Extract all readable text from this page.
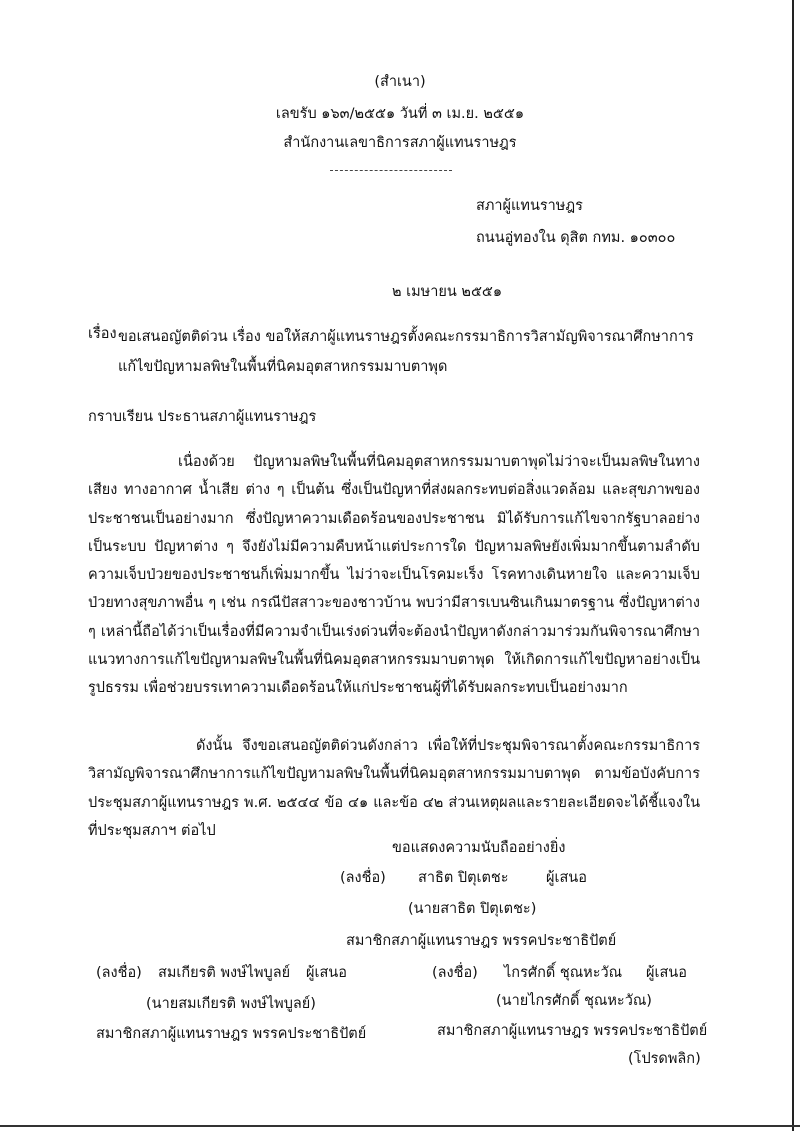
(สำเนา)
เลขรับ ๑๖๓/๒๕๕๑ วันที่ ๓ เม.ย. ๒๕๕๑
สำนักงานเลขาธิการสภาผู้แทนราษฎร
สภาผู้แทนราษฎร
ถนนอู่ทองใน ดุสิต กทม. ๑๐๓๐๐
๒ เมษายน ๒๕๕๑
เรื่อง ขอเสนอญัตติด่วน เรื่อง ขอให้สภาผู้แทนราษฎรตั้งคณะกรรมาธิการวิสามัญพิจารณาศึกษาการแก้ไขปัญหามลพิษในพื้นที่นิคมอุตสาหกรรมมาบตาพุด
กราบเรียน ประธานสภาผู้แทนราษฎร
เนื่องด้วย ปัญหามลพิษในพื้นที่นิคมอุตสาหกรรมมาบตาพุดไม่ว่าจะเป็นมลพิษในทางเสียง ทางอากาศ น้ำเสีย ต่าง ๆ เป็นต้น ซึ่งเป็นปัญหาที่ส่งผลกระทบต่อสิ่งแวดล้อม และสุขภาพของประชาชนเป็นอย่างมาก ซึ่งปัญหาความเดือดร้อนของประชาชน มิได้รับการแก้ไขจากรัฐบาลอย่างเป็นระบบ ปัญหาต่าง ๆ จึงยังไม่มีความคืบหน้าแต่ประการใด ปัญหามลพิษยังเพิ่มมากขึ้นตามลำดับ ความเจ็บป่วยของประชาชนก็เพิ่มมากขึ้น ไม่ว่าจะเป็นโรคมะเร็ง โรคทางเดินหายใจ และความเจ็บป่วยทางสุขภาพอื่น ๆ เช่น กรณีปัสสาวะของชาวบ้าน พบว่ามีสารเบนซินเกินมาตรฐาน ซึ่งปัญหาต่าง ๆ เหล่านี้ถือได้ว่าเป็นเรื่องที่มีความจำเป็นเร่งด่วนที่จะต้องนำปัญหาดังกล่าวมาร่วมกันพิจารณาศึกษาแนวทางการแก้ไขปัญหามลพิษในพื้นที่นิคมอุตสาหกรรมมาบตาพุด ให้เกิดการแก้ไขปัญหาอย่างเป็นรูปธรรม เพื่อช่วยบรรเทาความเดือดร้อนให้แก่ประชาชนผู้ที่ได้รับผลกระทบเป็นอย่างมาก
ดังนั้น จึงขอเสนอญัตติด่วนดังกล่าว เพื่อให้ที่ประชุมพิจารณาตั้งคณะกรรมาธิการวิสามัญพิจารณาศึกษาการแก้ไขปัญหามลพิษในพื้นที่นิคมอุตสาหกรรมมาบตาพุด ตามข้อบังคับการประชุมสภาผู้แทนราษฎร พ.ศ. ๒๕๔๔ ข้อ ๔๑ และข้อ ๔๒ ส่วนเหตุผลและรายละเอียดจะได้ชี้แจงในที่ประชุมสภาฯ ต่อไป
ขอแสดงความนับถืออย่างยิ่ง
(ลงชื่อ) สาธิต ปิตุเตชะ	ผู้เสนอ
(นายสาธิต ปิตุเตชะ)
สมาชิกสภาผู้แทนราษฎร พรรคประชาธิปัตย์
(ลงชื่อ) สมเกียรติ พงษ์ไพบูลย์ ผู้เสนอ
(นายสมเกียรติ พงษ์ไพบูลย์)
สมาชิกสภาผู้แทนราษฎร พรรคประชาธิปัตย์
(ลงชื่อ) ไกรศักดิ์ ชุณหะวัณ ผู้เสนอ
(นายไกรศักดิ์ ชุณหะวัณ)
สมาชิกสภาผู้แทนราษฎร พรรคประชาธิปัตย์
(โปรดพลิก)
